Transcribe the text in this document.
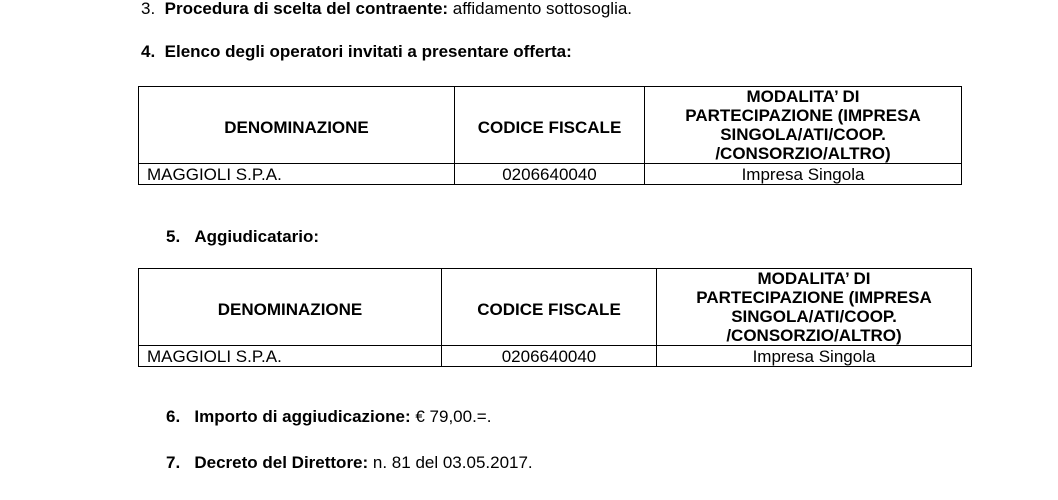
3. Procedura di scelta del contraente: affidamento sottosoglia.
4. Elenco degli operatori invitati a presentare offerta:
DENOMINAZIONE	CODICE FISCALE	MODALITA’ DI
PARTECIPAZIONE (IMPRESA
SINGOLA/ATI/COOP.
/CONSORZIO/ALTRO)

MAGGIOLI S.P.A.	0206640040	Impresa Singola
5. Aggiudicatario:
DENOMINAZIONE	CODICE FISCALE	MODALITA’ DI
PARTECIPAZIONE (IMPRESA
SINGOLA/ATI/COOP.
/CONSORZIO/ALTRO)

MAGGIOLI S.P.A.	0206640040	Impresa Singola
6. Importo di aggiudicazione: € 79,00.=.
7. Decreto del Direttore: n. 81 del 03.05.2017.
